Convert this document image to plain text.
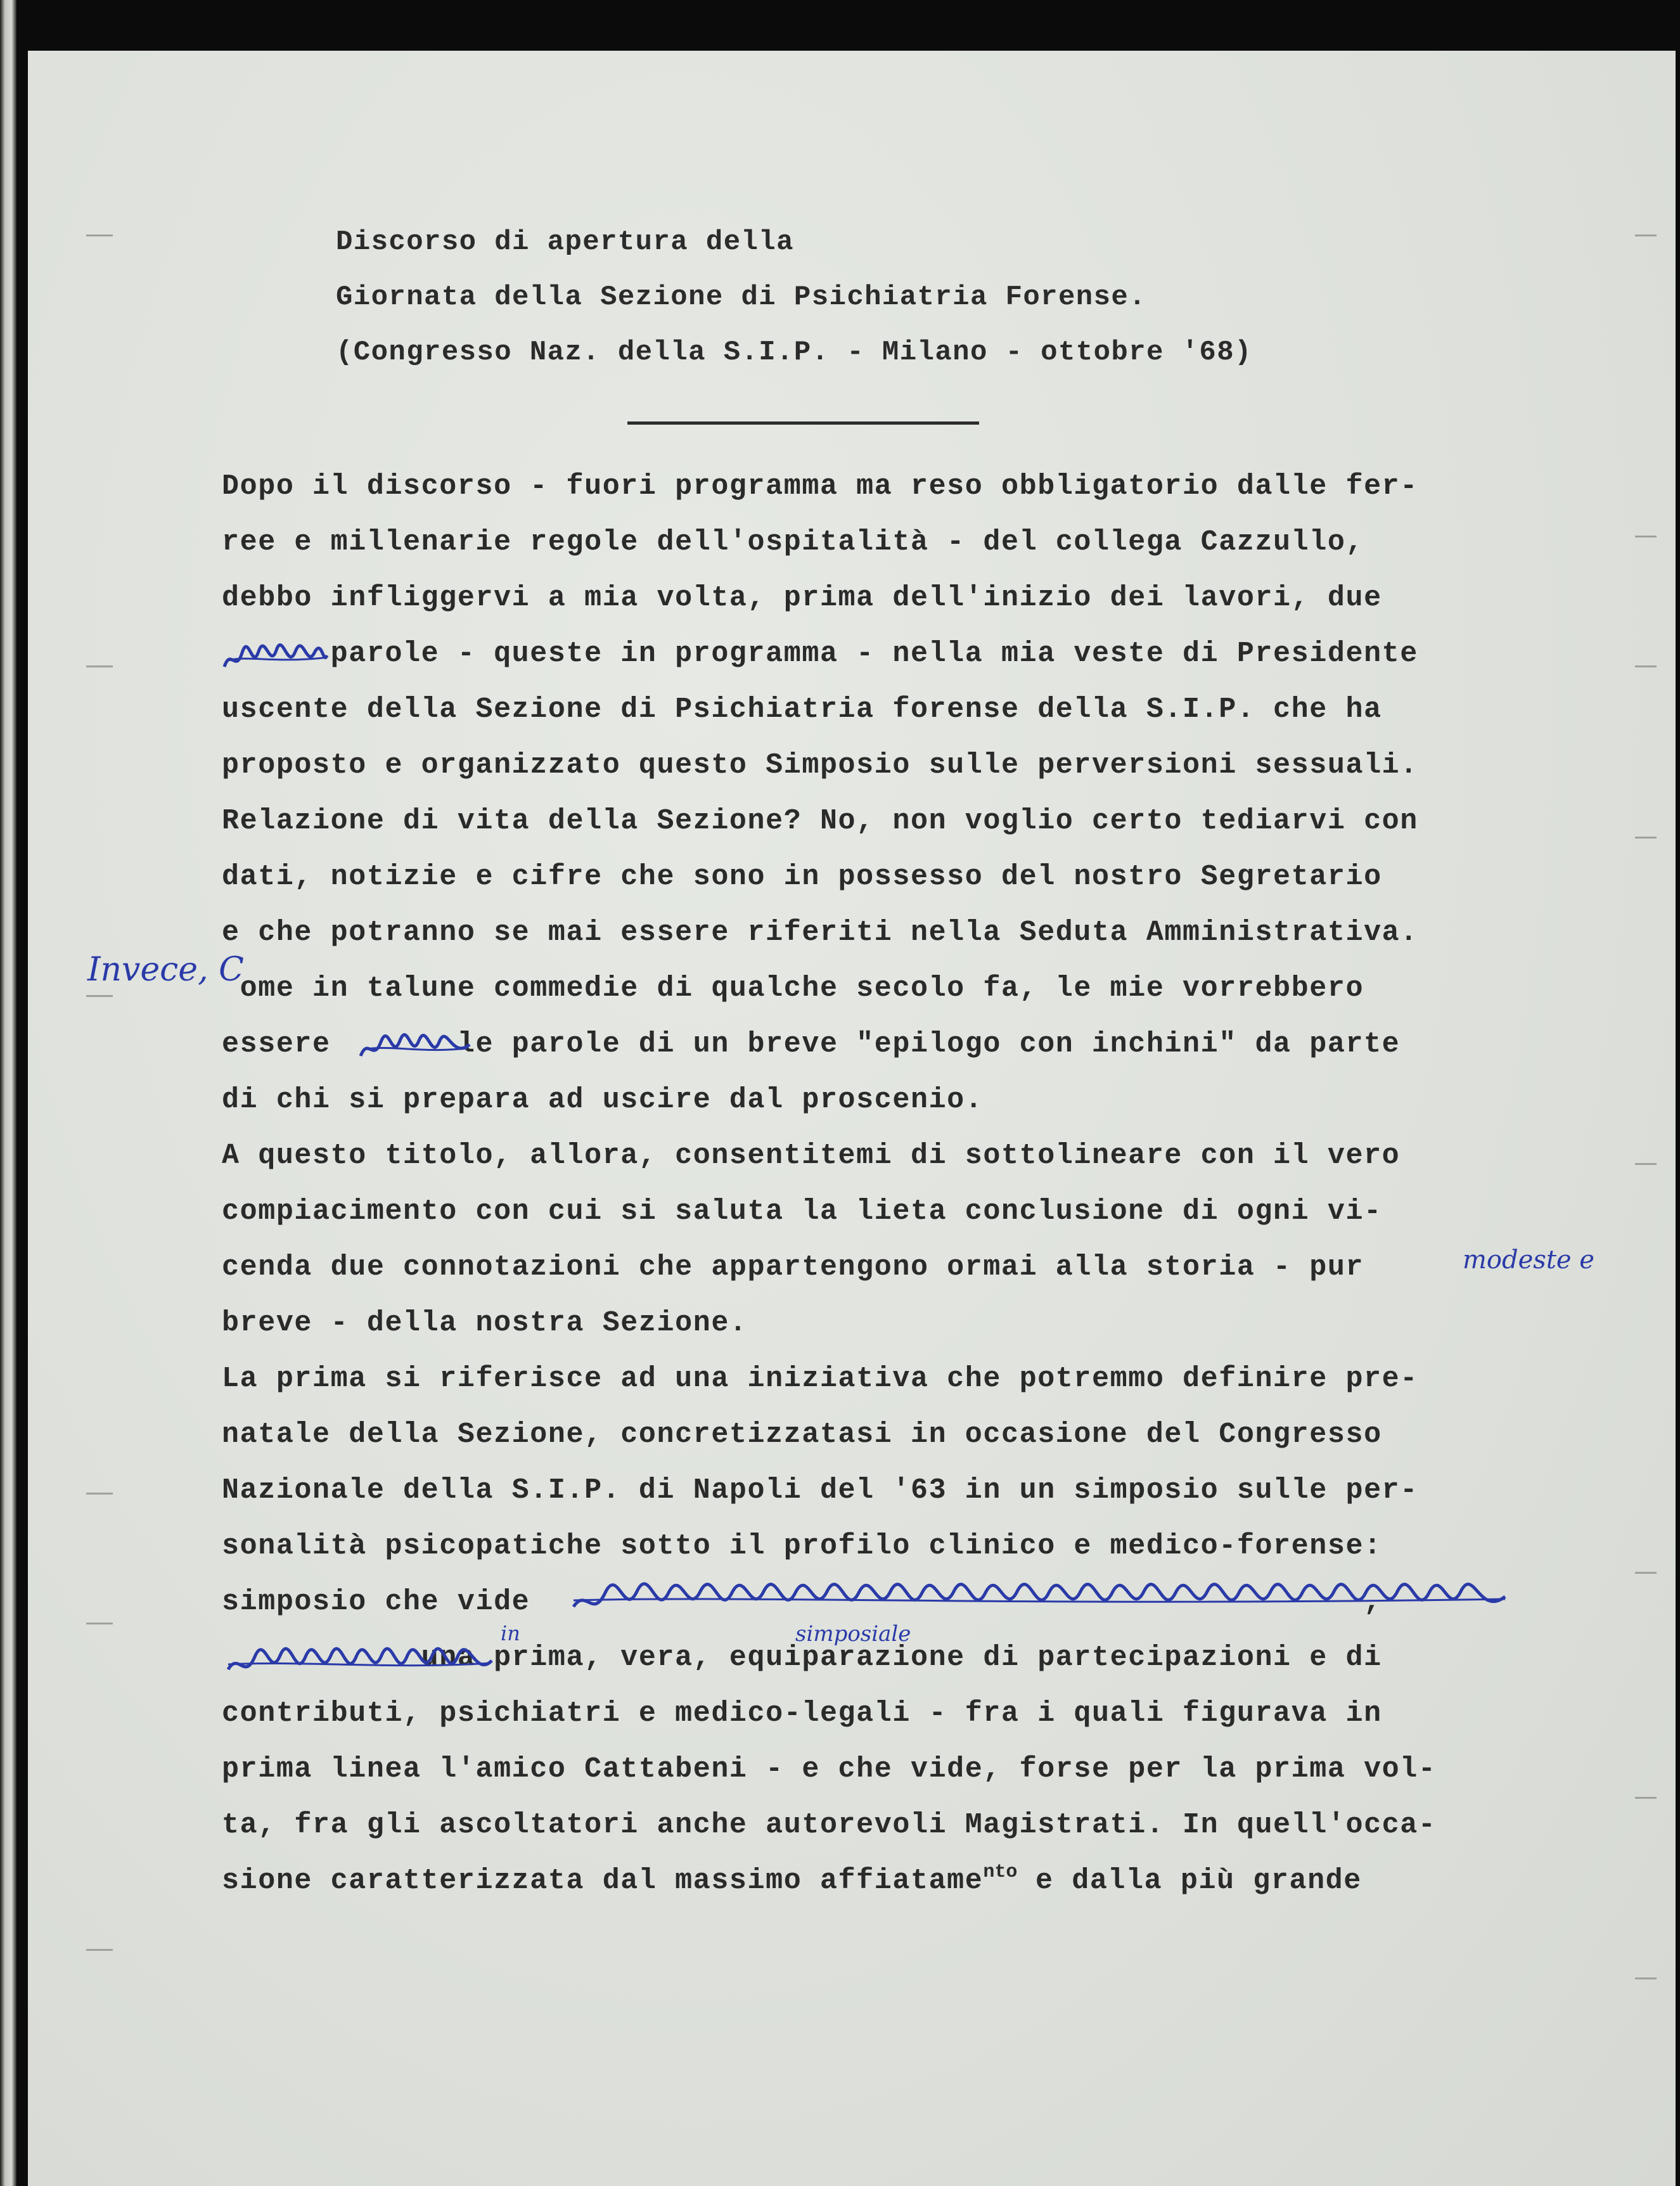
Discorso di apertura della
Giornata della Sezione di Psichiatria Forense.
(Congresso Naz. della S.I.P. - Milano - ottobre '68)
Dopo il discorso - fuori programma ma reso obbligatorio dalle fer-
ree e millenarie regole dell'ospitalità - del collega Cazzullo,
debbo infliggervi a mia volta, prima dell'inizio dei lavori, due
parole - queste in programma - nella mia veste di Presidente
uscente della Sezione di Psichiatria forense della S.I.P. che ha
proposto e organizzato questo Simposio sulle perversioni sessuali.
Relazione di vita della Sezione? No, non voglio certo tediarvi con
dati, notizie e cifre che sono in possesso del nostro Segretario
e che potranno se mai essere riferiti nella Seduta Amministrativa.
ome in talune commedie di qualche secolo fa, le mie vorrebbero
essere       le parole di un breve "epilogo con inchini" da parte
di chi si prepara ad uscire dal proscenio.
A questo titolo, allora, consentitemi di sottolineare con il vero
compiacimento con cui si saluta la lieta conclusione di ogni vi-
cenda due connotazioni che appartengono ormai alla storia - pur
breve - della nostra Sezione.
La prima si riferisce ad una iniziativa che potremmo definire pre-
natale della Sezione, concretizzatasi in occasione del Congresso
Nazionale della S.I.P. di Napoli del '63 in un simposio sulle per-
sonalità psicopatiche sotto il profilo clinico e medico-forense:
simposio che vide                                              ,
una prima, vera, equiparazione di partecipazioni e di
contributi, psichiatri e medico-legali - fra i quali figurava in
prima linea l'amico Cattabeni - e che vide, forse per la prima vol-
ta, fra gli ascoltatori anche autorevoli Magistrati. In quell'occa-
sione caratterizzata dal massimo affiatame$^{nto}$ e dalla più grande
Invece, C
modeste e
in	simposiale
